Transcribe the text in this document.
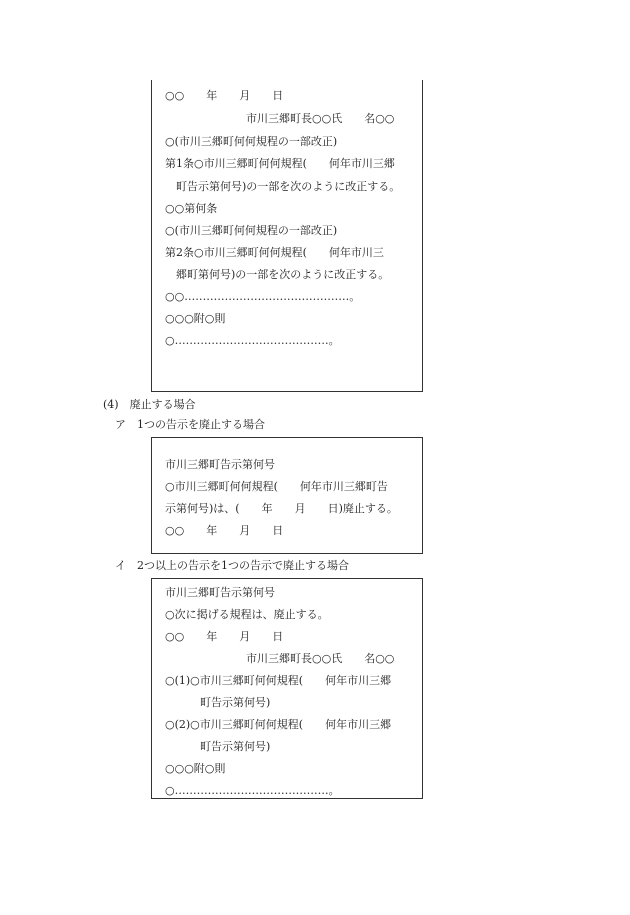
○○　　年　　月　　日
市川三郷町長○○氏　　名○○
○(市川三郷町何何規程の一部改正)
第1条○市川三郷町何何規程(　　何年市川三郷
町告示第何号)の一部を次のように改正する。
○○第何条
○(市川三郷町何何規程の一部改正)
第2条○市川三郷町何何規程(　　何年市川三
郷町第何号)の一部を次のように改正する。
○○………………………………………。
○○○附○則
○……………………………………。
(4)　廃止する場合
ア　1つの告示を廃止する場合
市川三郷町告示第何号
○市川三郷町何何規程(　　何年市川三郷町告
示第何号)は、(　　年　　月　　日)廃止する。
○○　　年　　月　　日
イ　2つ以上の告示を1つの告示で廃止する場合
市川三郷町告示第何号
○次に掲げる規程は、廃止する。
○○　　年　　月　　日
市川三郷町長○○氏　　名○○
○(1)○市川三郷町何何規程(　　何年市川三郷
町告示第何号)
○(2)○市川三郷町何何規程(　　何年市川三郷
町告示第何号)
○○○附○則
○……………………………………。
